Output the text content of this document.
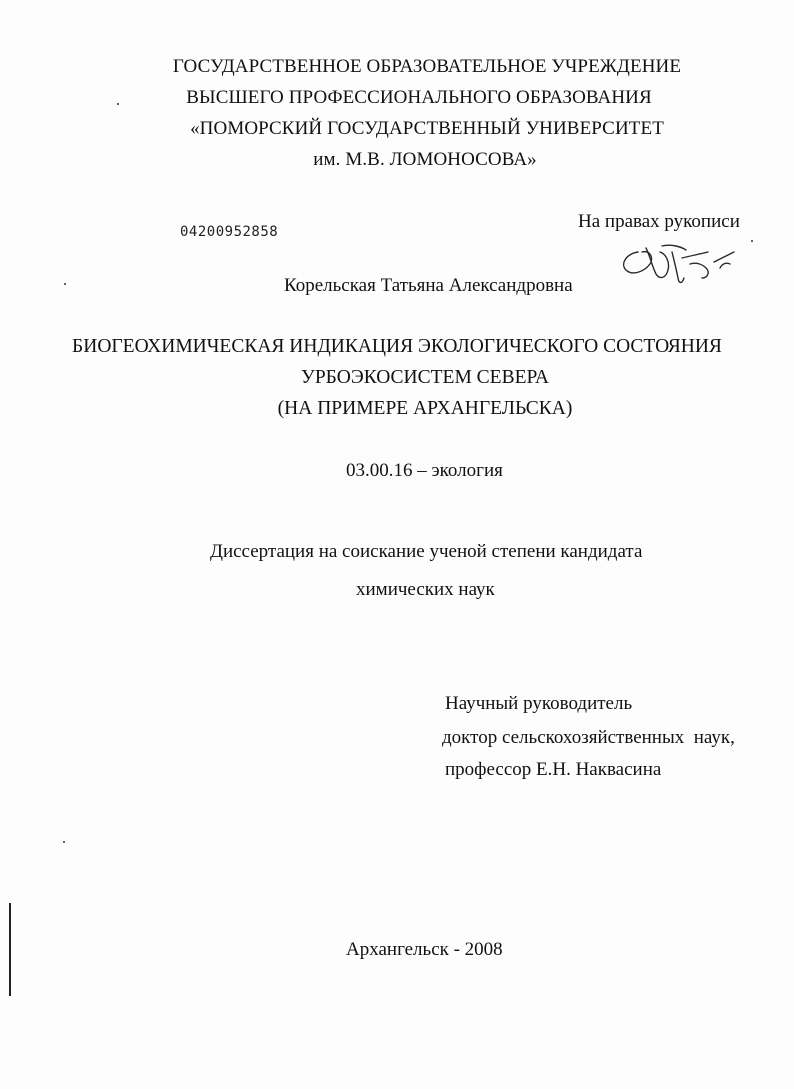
ГОСУДАРСТВЕННОЕ ОБРАЗОВАТЕЛЬНОЕ УЧРЕЖДЕНИЕ
ВЫСШЕГО ПРОФЕССИОНАЛЬНОГО ОБРАЗОВАНИЯ
«ПОМОРСКИЙ ГОСУДАРСТВЕННЫЙ УНИВЕРСИТЕТ
им. М.В. ЛОМОНОСОВА»
04200952858	На правах рукописи
Корельская Татьяна Александровна
БИОГЕОХИМИЧЕСКАЯ ИНДИКАЦИЯ ЭКОЛОГИЧЕСКОГО СОСТОЯНИЯ
УРБОЭКОСИСТЕМ СЕВЕРА
(НА ПРИМЕРЕ АРХАНГЕЛЬСКА)
03.00.16 – экология
Диссертация на соискание ученой степени кандидата
химических наук
Научный руководитель
доктор сельскохозяйственных  наук,
профессор Е.Н. Наквасина
Архангельск - 2008
